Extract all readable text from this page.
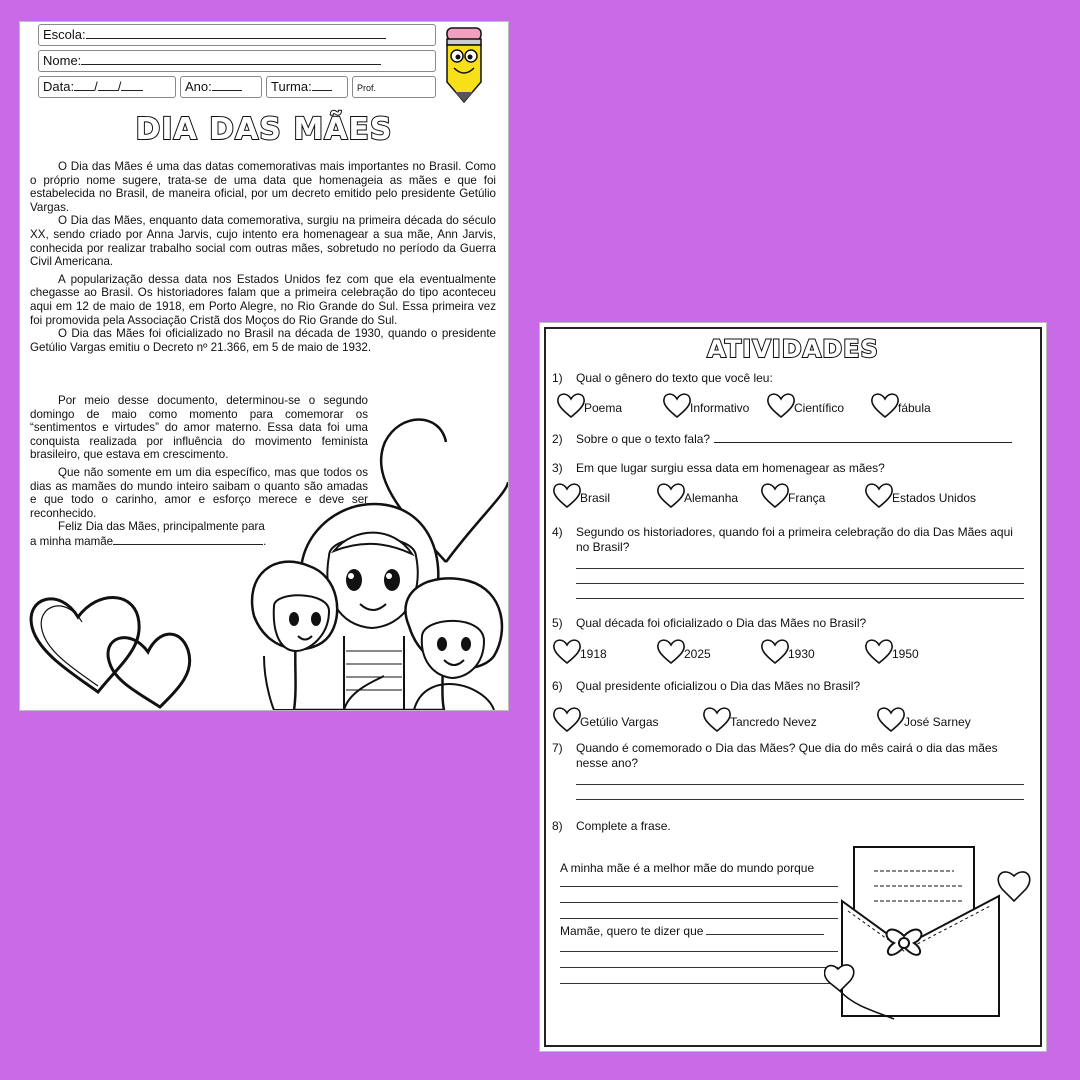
Escola:
Nome:
Data: / /	Ano:	Turma:	Prof.
DIA DAS MÃES

O Dia das Mães é uma das datas comemorativas mais importantes no Brasil. Como o próprio nome sugere, trata-se de uma data que homenageia as mães e que foi estabelecida no Brasil, de maneira oficial, por um decreto emitido pelo presidente Getúlio Vargas.

O Dia das Mães, enquanto data comemorativa, surgiu na primeira década do século XX, sendo criado por Anna Jarvis, cujo intento era homenagear a sua mãe, Ann Jarvis, conhecida por realizar trabalho social com outras mães, sobretudo no período da Guerra Civil Americana.

A popularização dessa data nos Estados Unidos fez com que ela eventualmente chegasse ao Brasil. Os historiadores falam que a primeira celebração do tipo aconteceu aqui em 12 de maio de 1918, em Porto Alegre, no Rio Grande do Sul. Essa primeira vez foi promovida pela Associação Cristã dos Moços do Rio Grande do Sul.

O Dia das Mães foi oficializado no Brasil na década de 1930, quando o presidente Getúlio Vargas emitiu o Decreto nº 21.366, em 5 de maio de 1932.

Por meio desse documento, determinou-se o segundo domingo de maio como momento para comemorar os “sentimentos e virtudes” do amor materno. Essa data foi uma conquista realizada por influência do movimento feminista brasileiro, que estava em crescimento.

Que não somente em um dia específico, mas que todos os dias as mamães do mundo inteiro saibam o quanto são amadas e que todo o carinho, amor e esforço merece e deve ser reconhecido.

Feliz Dia das Mães, principalmente para

a minha mamãe	.

ATIVIDADES
1) Qual o gênero do texto que você leu:
Poema	Informativo	Científico	fábula
2) Sobre o que o texto fala?
3) Em que lugar surgiu essa data em homenagear as mães?
Brasil	Alemanha	França	Estados Unidos
4)	Segundo os historiadores, quando foi a primeira celebração do dia Das Mães aqui no Brasil?
5) Qual década foi oficializado o Dia das Mães no Brasil?
1918	2025	1930	1950
6) Qual presidente oficializou o Dia das Mães no Brasil?
Getúlio Vargas	Tancredo Nevez	José Sarney
7)	Quando é comemorado o Dia das Mães? Que dia do mês cairá o dia das mães nesse ano?
8) Complete a frase.
A minha mãe é a melhor mãe do mundo porque
Mamãe, quero te dizer que
